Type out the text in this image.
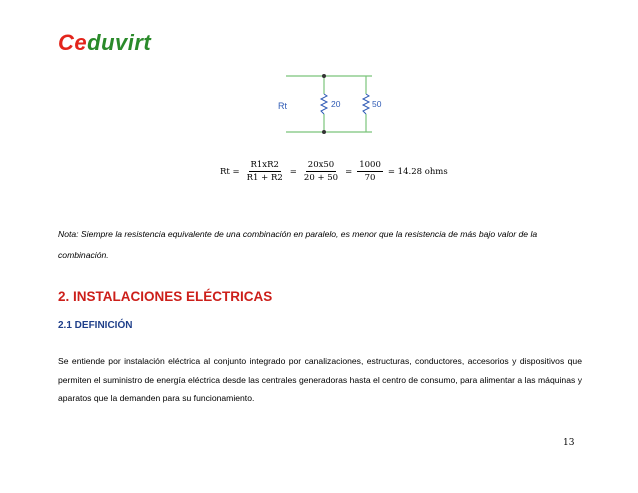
Ceduvirt
Rt	20	50
$Rt = \frac{R1xR2}{R1 + R2} = \frac{20x50}{20 + 50} = \frac{1000}{70} = 14.28$ ohms
Nota: Siempre la resistencia equivalente de una combinación en paralelo, es menor que la resistencia de más bajo valor de la combinación.
2. INSTALACIONES ELÉCTRICAS
2.1 DEFINICIÓN
Se entiende por instalación eléctrica al conjunto integrado por canalizaciones, estructuras, conductores, accesorios y dispositivos que permiten el suministro de energía eléctrica desde las centrales generadoras hasta el centro de consumo, para alimentar a las máquinas y aparatos que la demanden para su funcionamiento.
13
